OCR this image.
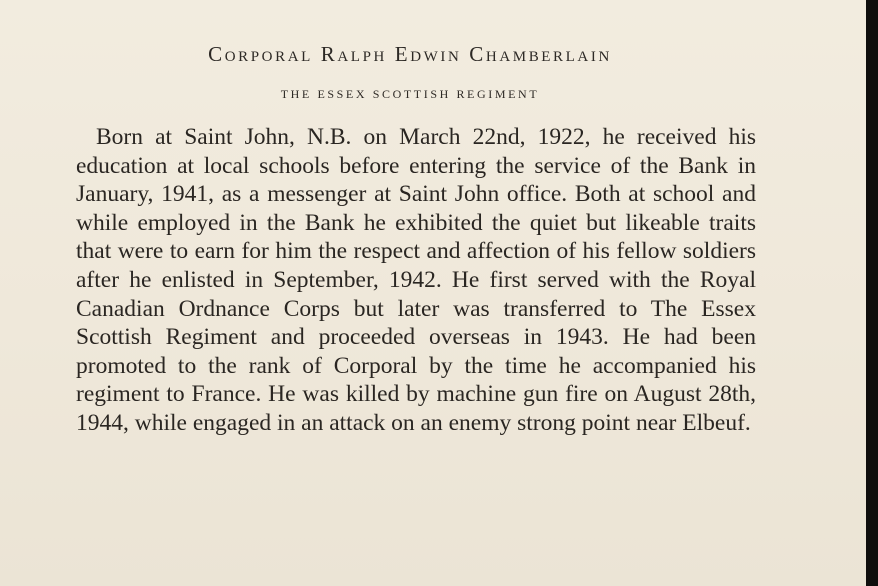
Corporal Ralph Edwin Chamberlain
THE ESSEX SCOTTISH REGIMENT

Born at Saint John, N.B. on March 22nd, 1922, he received his education at local schools before entering the service of the Bank in January, 1941, as a messenger at Saint John office. Both at school and while employed in the Bank he exhibited the quiet but likeable traits that were to earn for him the respect and affection of his fellow soldiers after he enlisted in September, 1942. He first served with the Royal Canadian Ordnance Corps but later was transferred to The Essex Scottish Regiment and proceeded overseas in 1943. He had been promoted to the rank of Corporal by the time he accompanied his regiment to France. He was killed by machine gun fire on August 28th, 1944, while engaged in an attack on an enemy strong point near Elbeuf.
